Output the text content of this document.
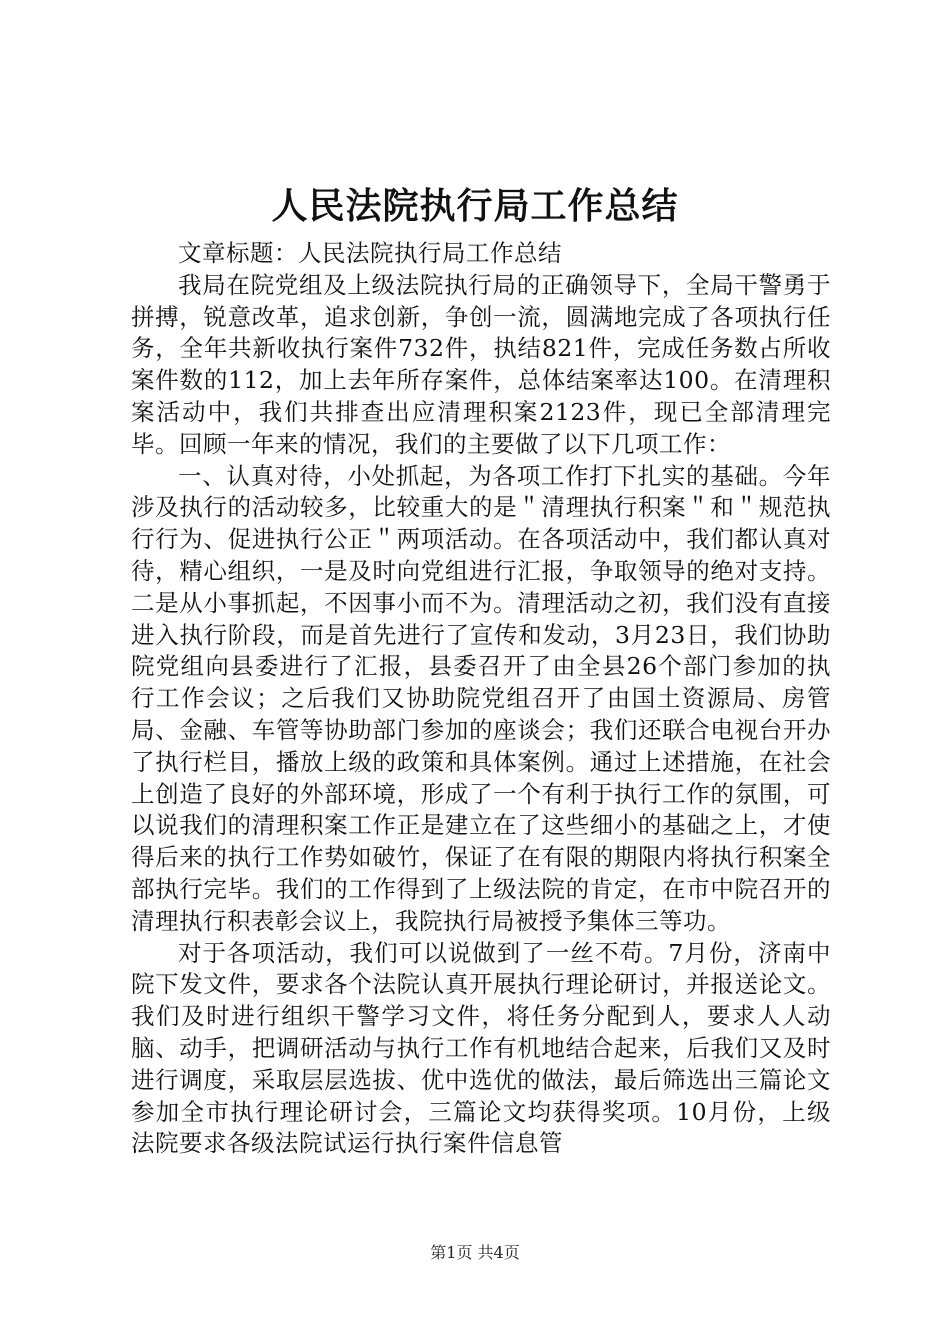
人民法院执行局工作总结

文章标题：人民法院执行局工作总结

我局在院党组及上级法院执行局的正确领导下，全局干警勇于拼搏，锐意改革，追求创新，争创一流，圆满地完成了各项执行任务，全年共新收执行案件732件，执结821件，完成任务数占所收案件数的112，加上去年所存案件，总体结案率达100。在清理积案活动中，我们共排查出应清理积案2123件，现已全部清理完毕。回顾一年来的情况，我们的主要做了以下几项工作：

一、认真对待，小处抓起，为各项工作打下扎实的基础。今年涉及执行的活动较多，比较重大的是＂清理执行积案＂和＂规范执行行为、促进执行公正＂两项活动。在各项活动中，我们都认真对待，精心组织，一是及时向党组进行汇报，争取领导的绝对支持。二是从小事抓起，不因事小而不为。清理活动之初，我们没有直接进入执行阶段，而是首先进行了宣传和发动，3月23日，我们协助院党组向县委进行了汇报，县委召开了由全县26个部门参加的执行工作会议；之后我们又协助院党组召开了由国土资源局、房管局、金融、车管等协助部门参加的座谈会；我们还联合电视台开办了执行栏目，播放上级的政策和具体案例。通过上述措施，在社会上创造了良好的外部环境，形成了一个有利于执行工作的氛围，可以说我们的清理积案工作正是建立在了这些细小的基础之上，才使得后来的执行工作势如破竹，保证了在有限的期限内将执行积案全部执行完毕。我们的工作得到了上级法院的肯定，在市中院召开的清理执行积表彰会议上，我院执行局被授予集体三等功。

对于各项活动，我们可以说做到了一丝不苟。7月份，济南中院下发文件，要求各个法院认真开展执行理论研讨，并报送论文。我们及时进行组织干警学习文件，将任务分配到人，要求人人动脑、动手，把调研活动与执行工作有机地结合起来，后我们又及时进行调度，采取层层选拔、优中选优的做法，最后筛选出三篇论文参加全市执行理论研讨会，三篇论文均获得奖项。10月份，上级法院要求各级法院试运行执行案件信息管

第1页 共4页
